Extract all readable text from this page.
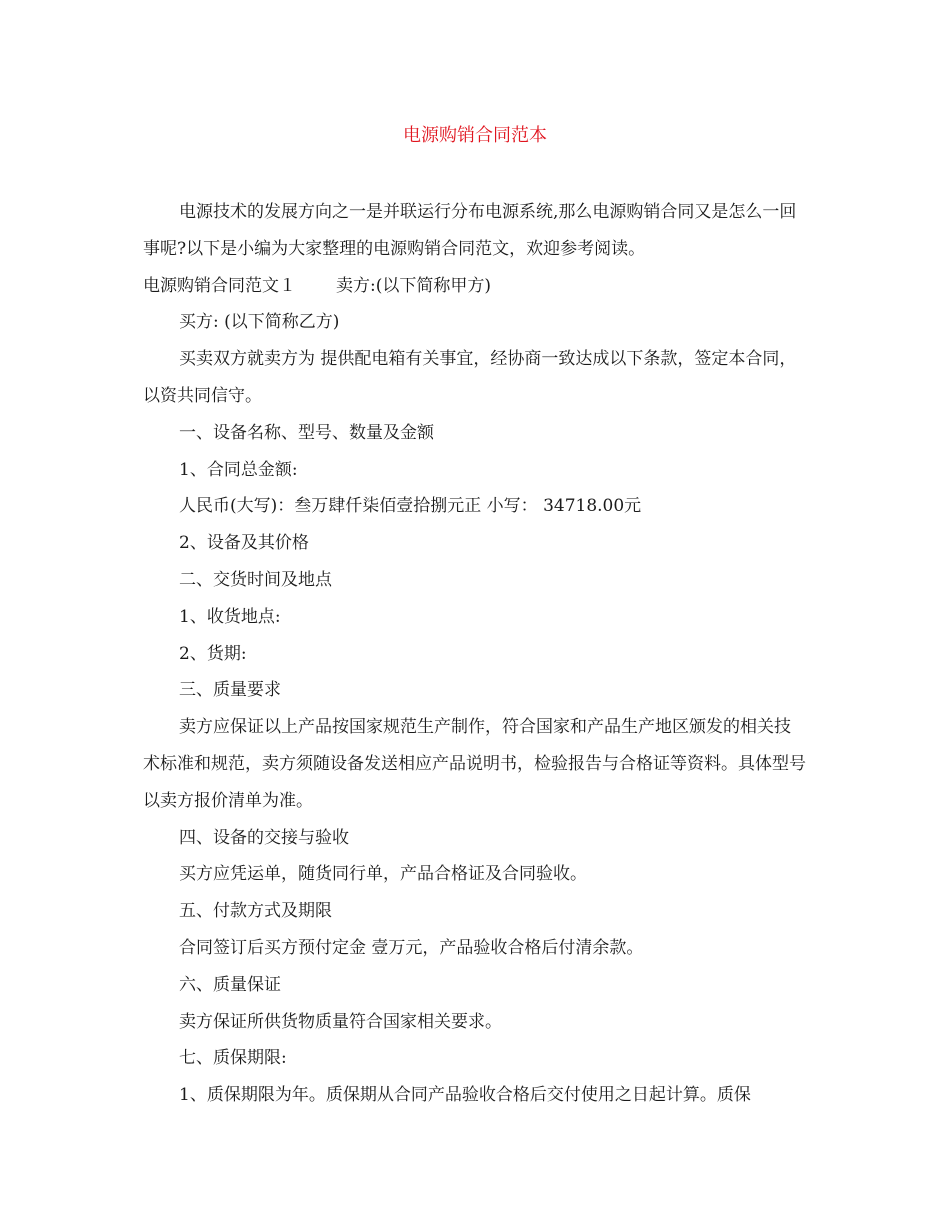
电源购销合同范本

电源技术的发展方向之一是并联运行分布电源系统,那么电源购销合同又是怎么一回事呢?以下是小编为大家整理的电源购销合同范文，欢迎参考阅读。

电源购销合同范文１ 卖方:(以下简称甲方)

买方: (以下简称乙方)

买卖双方就卖方为 提供配电箱有关事宜，经协商一致达成以下条款，签定本合同，以资共同信守。

一、设备名称、型号、数量及金额

1、合同总金额:

人民币(大写)：叁万肆仟柒佰壹拾捌元正 小写： 34718.00元

2、设备及其价格

二、交货时间及地点

1、收货地点:

2、货期:

三、质量要求

卖方应保证以上产品按国家规范生产制作，符合国家和产品生产地区颁发的相关技术标准和规范，卖方须随设备发送相应产品说明书，检验报告与合格证等资料。具体型号以卖方报价清单为准。

四、设备的交接与验收

买方应凭运单，随货同行单，产品合格证及合同验收。

五、付款方式及期限

合同签订后买方预付定金 壹万元，产品验收合格后付清余款。

六、质量保证

卖方保证所供货物质量符合国家相关要求。

七、质保期限:

1、质保期限为年。质保期从合同产品验收合格后交付使用之日起计算。质保
